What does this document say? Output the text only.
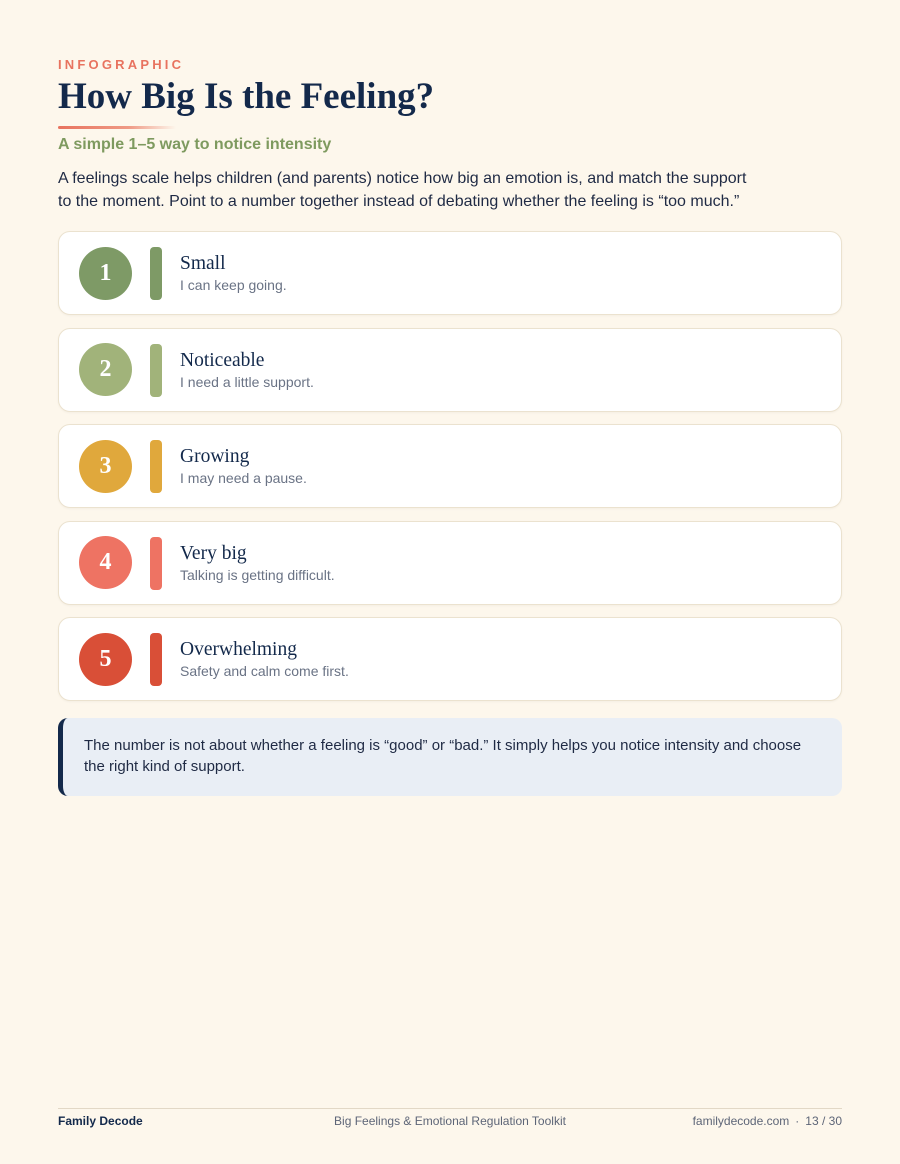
INFOGRAPHIC
How Big Is the Feeling?
A simple 1–5 way to notice intensity

A feelings scale helps children (and parents) notice how big an emotion is, and match the support to the moment. Point to a number together instead of debating whether the feeling is “too much.”

1	Small
I can keep going.
2	Noticeable
I need a little support.
3	Growing
I may need a pause.
4	Very big
Talking is getting difficult.
5	Overwhelming
Safety and calm come first.
The number is not about whether a feeling is “good” or “bad.” It simply helps you notice intensity and choose the right kind of support.
Family Decode	Big Feelings & Emotional Regulation Toolkit	familydecode.com · 13 / 30
